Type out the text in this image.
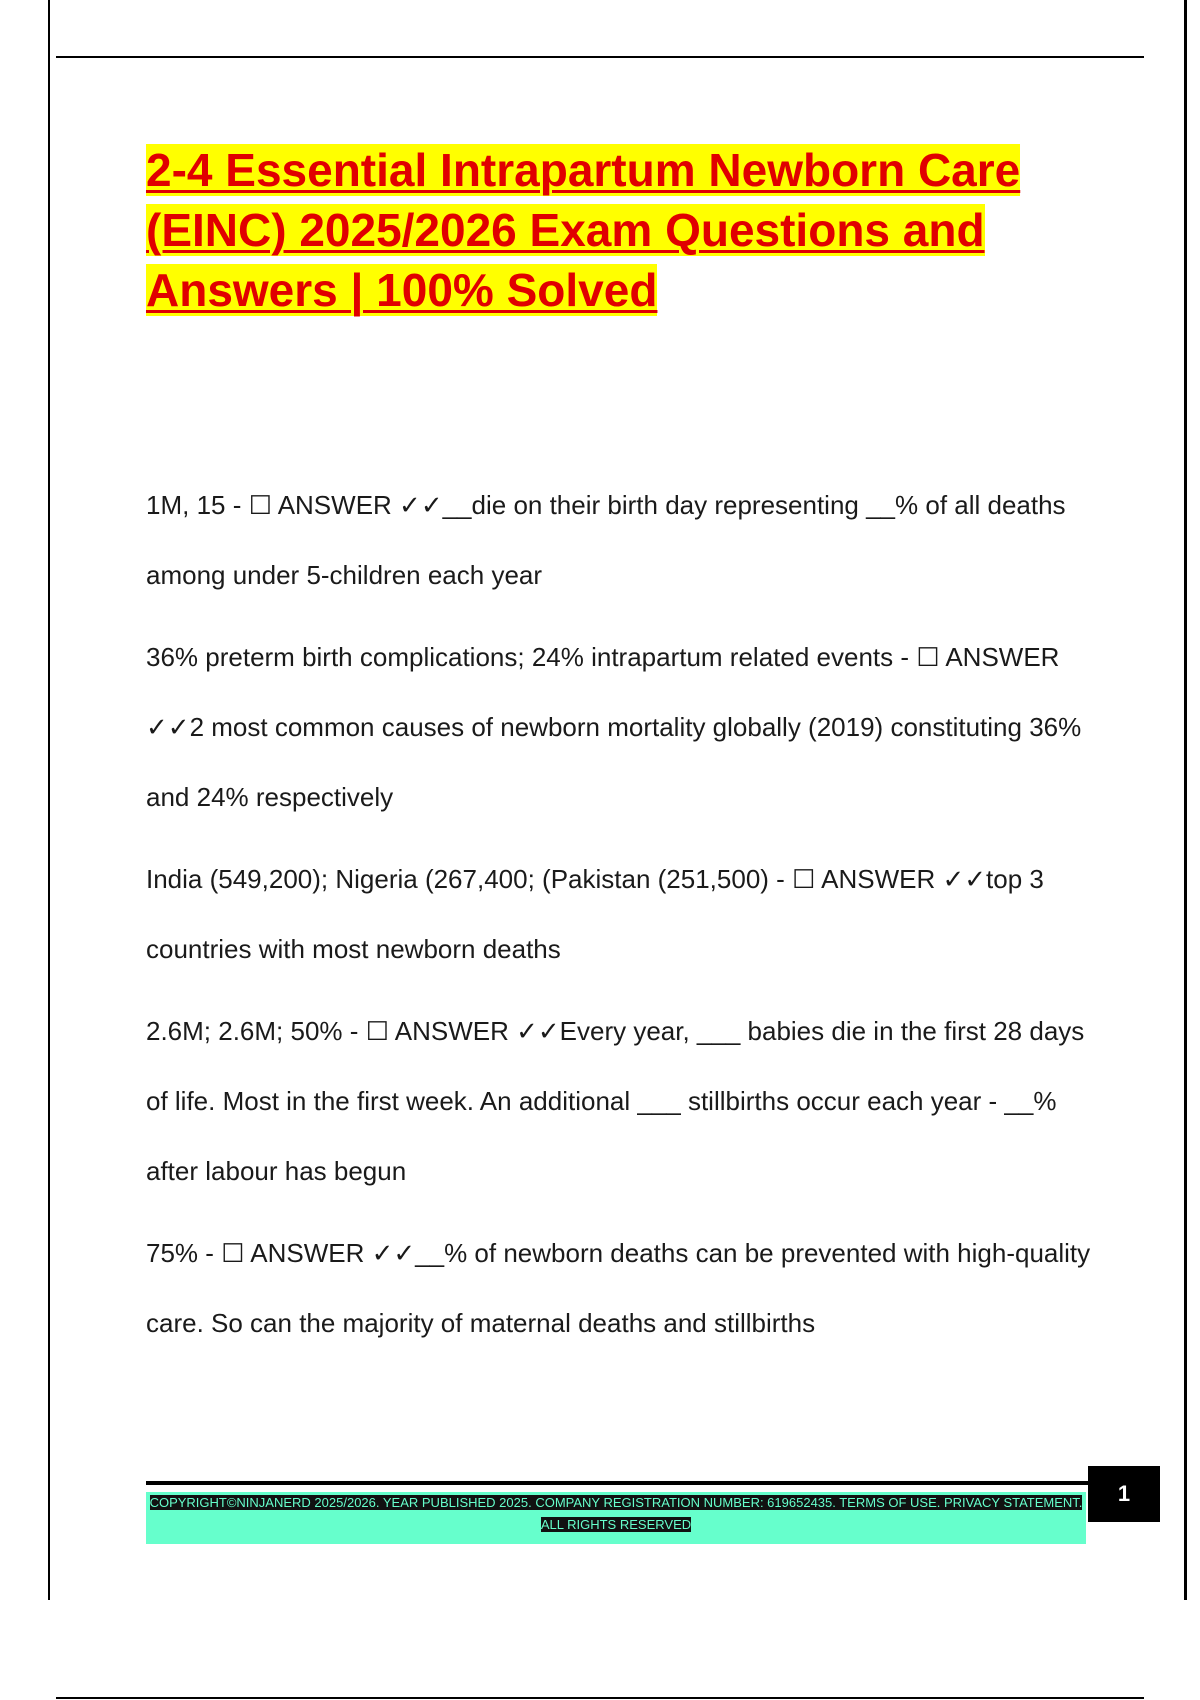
2-4 Essential Intrapartum Newborn Care (EINC) 2025/2026 Exam Questions and Answers | 100% Solved

1M, 15 - ☐ ANSWER ✓✓__die on their birth day representing __% of all deaths among under 5-children each year

36% preterm birth complications; 24% intrapartum related events - ☐ ANSWER ✓✓2 most common causes of newborn mortality globally (2019) constituting 36% and 24% respectively

India (549,200); Nigeria (267,400; (Pakistan (251,500) - ☐ ANSWER ✓✓top 3 countries with most newborn deaths

2.6M; 2.6M; 50% - ☐ ANSWER ✓✓Every year, ___ babies die in the first 28 days of life. Most in the first week. An additional ___ stillbirths occur each year - __% after labour has begun

75% - ☐ ANSWER ✓✓__% of newborn deaths can be prevented with high-quality care. So can the majority of maternal deaths and stillbirths

COPYRIGHT©NINJANERD 2025/2026. YEAR PUBLISHED 2025. COMPANY REGISTRATION NUMBER: 619652435. TERMS OF USE. PRIVACY STATEMENT. ALL RIGHTS RESERVED
1
